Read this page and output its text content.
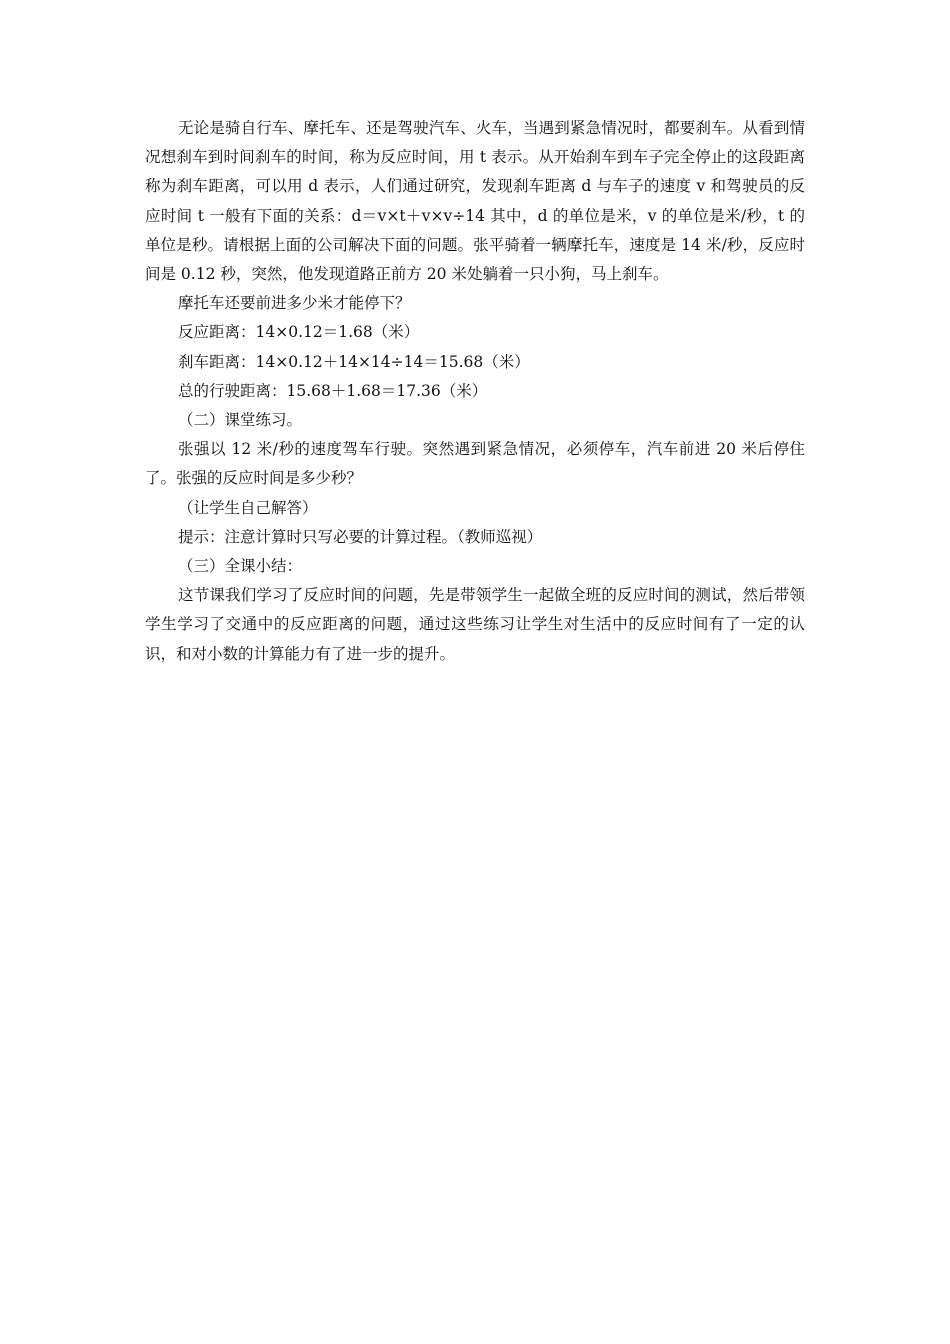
无论是骑自行车、摩托车、还是驾驶汽车、火车，当遇到紧急情况时，都要刹车。从看到情况想刹车到时间刹车的时间，称为反应时间，用 t 表示。从开始刹车到车子完全停止的这段距离称为刹车距离，可以用 d 表示，人们通过研究，发现刹车距离 d 与车子的速度 v 和驾驶员的反应时间 t 一般有下面的关系：d＝v×t＋v×v÷14 其中，d 的单位是米，v 的单位是米/秒，t 的单位是秒。请根据上面的公司解决下面的问题。张平骑着一辆摩托车，速度是 14 米/秒，反应时间是 0.12 秒，突然，他发现道路正前方 20 米处躺着一只小狗，马上刹车。

摩托车还要前进多少米才能停下？

反应距离：14×0.12＝1.68（米）

刹车距离：14×0.12＋14×14÷14＝15.68（米）

总的行驶距离：15.68＋1.68＝17.36（米）

（二）课堂练习。

张强以 12 米/秒的速度驾车行驶。突然遇到紧急情况，必须停车，汽车前进 20 米后停住了。张强的反应时间是多少秒？

（让学生自己解答）

提示：注意计算时只写必要的计算过程。（教师巡视）

（三）全课小结：

这节课我们学习了反应时间的问题，先是带领学生一起做全班的反应时间的测试，然后带领学生学习了交通中的反应距离的问题，通过这些练习让学生对生活中的反应时间有了一定的认识，和对小数的计算能力有了进一步的提升。
